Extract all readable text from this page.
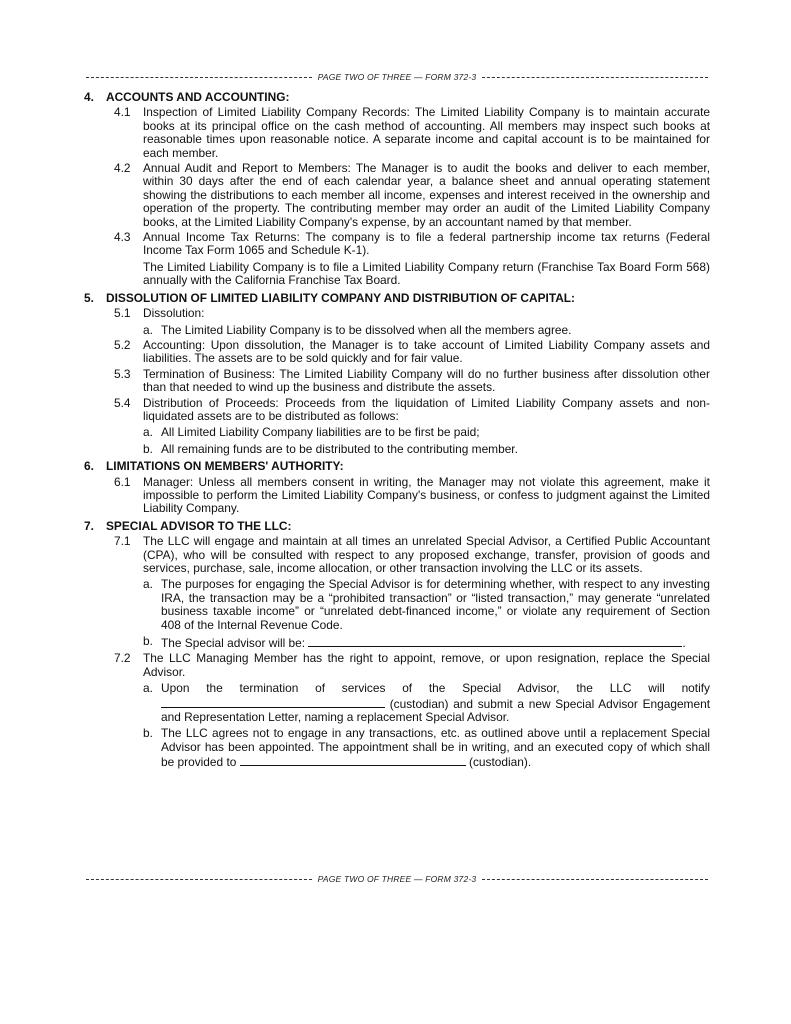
PAGE TWO OF THREE — FORM 372-3
4.	ACCOUNTS AND ACCOUNTING:
4.1	Inspection of Limited Liability Company Records: The Limited Liability Company is to maintain accurate books at its principal office on the cash method of accounting. All members may inspect such books at reasonable times upon reasonable notice. A separate income and capital account is to be maintained for each member.
4.2	Annual Audit and Report to Members: The Manager is to audit the books and deliver to each member, within 30 days after the end of each calendar year, a balance sheet and annual operating statement showing the distributions to each member all income, expenses and interest received in the ownership and operation of the property. The contributing member may order an audit of the Limited Liability Company books, at the Limited Liability Company's expense, by an accountant named by that member.
4.3	Annual Income Tax Returns: The company is to file a federal partnership income tax returns (Federal Income Tax Form 1065 and Schedule K-1).
The Limited Liability Company is to file a Limited Liability Company return (Franchise Tax Board Form 568) annually with the California Franchise Tax Board.
5.	DISSOLUTION OF LIMITED LIABILITY COMPANY AND DISTRIBUTION OF CAPITAL:
5.1	Dissolution:
a. The Limited Liability Company is to be dissolved when all the members agree.
5.2	Accounting: Upon dissolution, the Manager is to take account of Limited Liability Company assets and liabilities. The assets are to be sold quickly and for fair value.
5.3	Termination of Business: The Limited Liability Company will do no further business after dissolution other than that needed to wind up the business and distribute the assets.
5.4	Distribution of Proceeds: Proceeds from the liquidation of Limited Liability Company assets and non-liquidated assets are to be distributed as follows:
a. All Limited Liability Company liabilities are to be first be paid;
b. All remaining funds are to be distributed to the contributing member.
6.	LIMITATIONS ON MEMBERS' AUTHORITY:
6.1	Manager: Unless all members consent in writing, the Manager may not violate this agreement, make it impossible to perform the Limited Liability Company's business, or confess to judgment against the Limited Liability Company.
7.	SPECIAL ADVISOR TO THE LLC:
7.1	The LLC will engage and maintain at all times an unrelated Special Advisor, a Certified Public Accountant (CPA), who will be consulted with respect to any proposed exchange, transfer, provision of goods and services, purchase, sale, income allocation, or other transaction involving the LLC or its assets.
a. The purposes for engaging the Special Advisor is for determining whether, with respect to any investing IRA, the transaction may be a “prohibited transaction” or “listed transaction,” may generate “unrelated business taxable income” or “unrelated debt-financed income,” or violate any requirement of Section 408 of the Internal Revenue Code.
b. The Special advisor will be:	.
7.2	The LLC Managing Member has the right to appoint, remove, or upon resignation, replace the Special Advisor.
a. Upon the termination of services of the Special Advisor, the LLC will notify  (custodian) and submit a new Special Advisor Engagement and Representation Letter, naming a replacement Special Advisor.
b. The LLC agrees not to engage in any transactions, etc. as outlined above until a replacement Special Advisor has been appointed. The appointment shall be in writing, and an executed copy of which shall be provided to	(custodian).
PAGE TWO OF THREE — FORM 372-3
